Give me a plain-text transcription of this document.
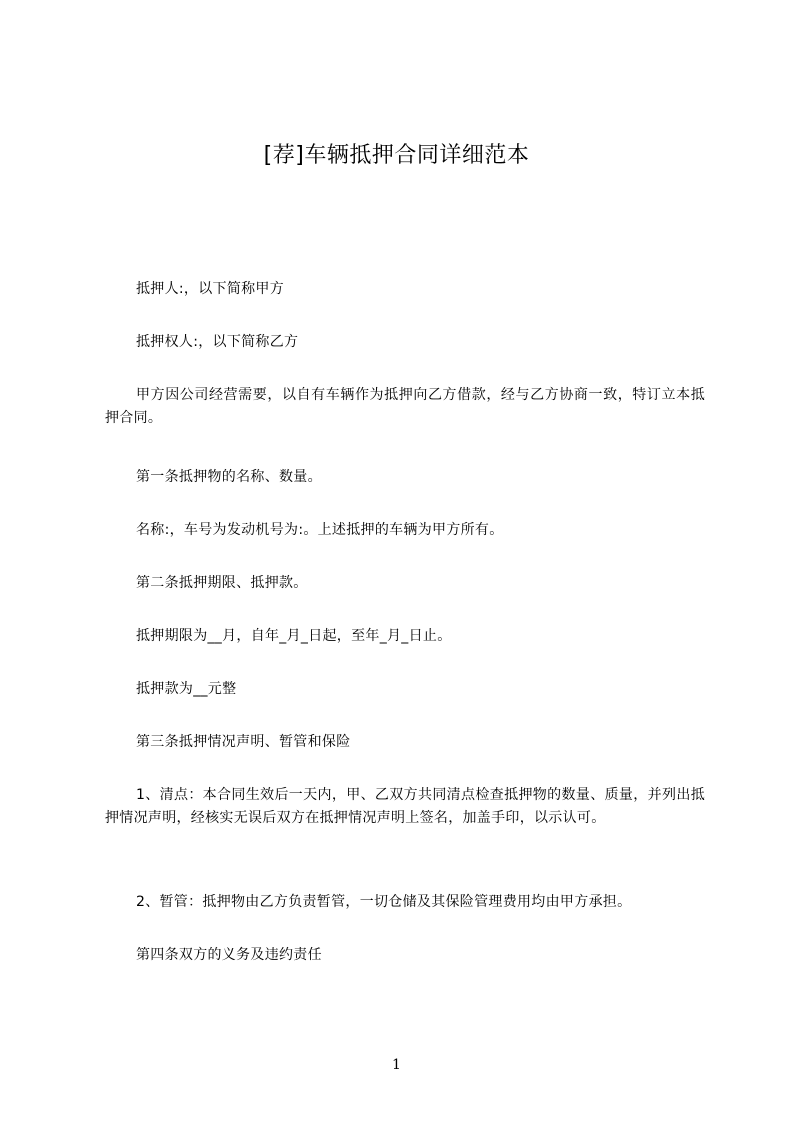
[荐]车辆抵押合同详细范本

抵押人:，以下简称甲方

抵押权人:，以下简称乙方

甲方因公司经营需要，以自有车辆作为抵押向乙方借款，经与乙方协商一致，特订立本抵押合同。

第一条抵押物的名称、数量。

名称:，车号为发动机号为:。上述抵押的车辆为甲方所有。

第二条抵押期限、抵押款。

抵押期限为__月，自年_月_日起，至年_月_日止。

抵押款为__元整

第三条抵押情况声明、暂管和保险

1、清点：本合同生效后一天内，甲、乙双方共同清点检查抵押物的数量、质量，并列出抵押情况声明，经核实无误后双方在抵押情况声明上签名，加盖手印，以示认可。

2、暂管：抵押物由乙方负责暂管，一切仓储及其保险管理费用均由甲方承担。

第四条双方的义务及违约责任

1
